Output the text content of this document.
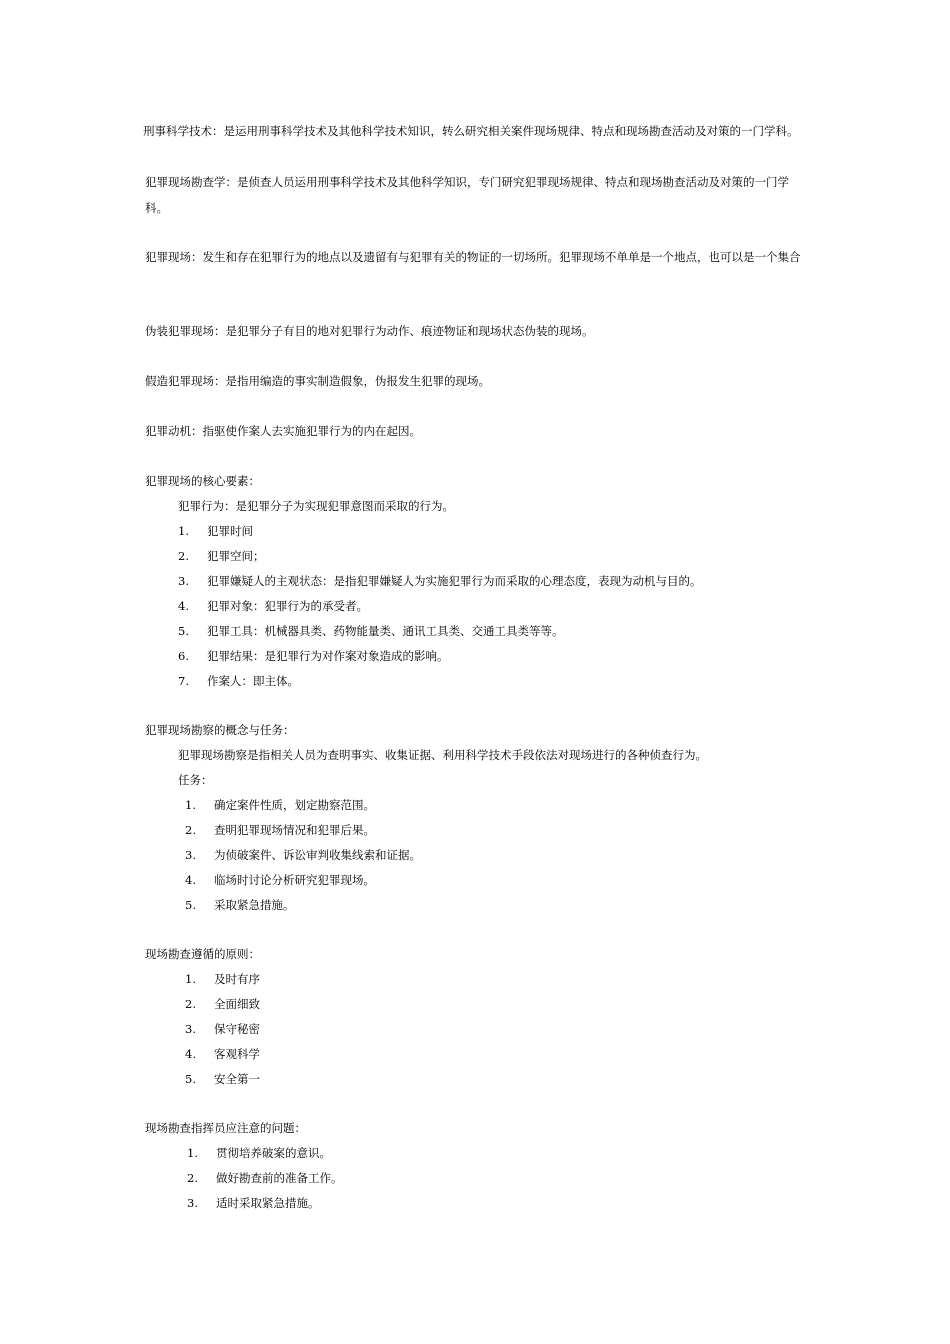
刑事科学技术：是运用刑事科学技术及其他科学技术知识，转么研究相关案件现场规律、特点和现场勘查活动及对策的一门学科。
犯罪现场勘查学：是侦查人员运用刑事科学技术及其他科学知识，专门研究犯罪现场规律、特点和现场勘查活动及对策的一门学科。
犯罪现场：发生和存在犯罪行为的地点以及遗留有与犯罪有关的物证的一切场所。犯罪现场不单单是一个地点，也可以是一个集合
伪装犯罪现场：是犯罪分子有目的地对犯罪行为动作、痕迹物证和现场状态伪装的现场。
假造犯罪现场：是指用编造的事实制造假象，伪报发生犯罪的现场。
犯罪动机：指驱使作案人去实施犯罪行为的内在起因。
犯罪现场的核心要素：
犯罪行为：是犯罪分子为实现犯罪意图而采取的行为。
1.	犯罪时间
2.	犯罪空间；
3.	犯罪嫌疑人的主观状态：是指犯罪嫌疑人为实施犯罪行为而采取的心理态度，表现为动机与目的。
4.	犯罪对象：犯罪行为的承受者。
5.	犯罪工具：机械器具类、药物能量类、通讯工具类、交通工具类等等。
6.	犯罪结果：是犯罪行为对作案对象造成的影响。
7.	作案人：即主体。
犯罪现场勘察的概念与任务：
犯罪现场勘察是指相关人员为查明事实、收集证据、利用科学技术手段依法对现场进行的各种侦查行为。
任务：
1.	确定案件性质，划定勘察范围。
2.	查明犯罪现场情况和犯罪后果。
3.	为侦破案件、诉讼审判收集线索和证据。
4.	临场时讨论分析研究犯罪现场。
5.	采取紧急措施。
现场勘查遵循的原则：
1.	及时有序
2.	全面细致
3.	保守秘密
4.	客观科学
5.	安全第一
现场勘查指挥员应注意的问题：
1.	贯彻培养破案的意识。
2.	做好勘查前的准备工作。
3.	适时采取紧急措施。
